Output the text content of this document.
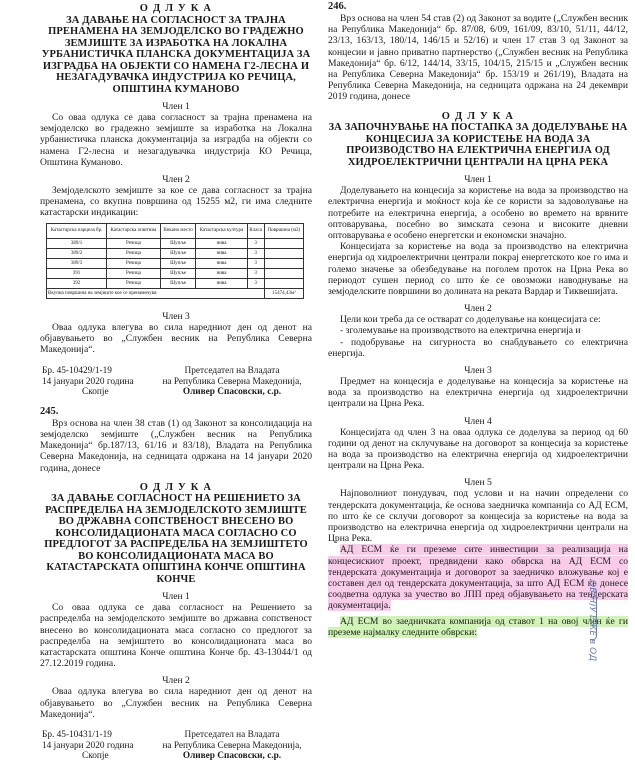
О Д Л У К А

ЗА ДАВАЊЕ НА СОГЛАСНОСТ ЗА ТРАЈНА ПРЕНАМЕНА НА ЗЕМЈОДЕЛСКО ВО ГРАДЕЖНО ЗЕМЈИШТЕ ЗА ИЗРАБОТКА НА ЛОКАЛНА УРБАНИСТИЧКА ПЛАНСКА ДОКУМЕНТАЦИЈА ЗА ИЗГРАДБА НА ОБЈЕКТИ СО НАМЕНА Г2-ЛЕСНА И НЕЗАГАДУВАЧКА ИНДУСТРИЈА КО РЕЧИЦА, ОПШТИНА КУМАНОВО

Член 1

Со оваа одлука се дава согласност за трајна пренамена на земјоделско во градежно земјиште за изработка на Локална урбанистичка планска документација за изградба на објекти со намена Г2-лесна и незагадувачка индустрија КО Речица, Општина Куманово.

Член 2

Земјоделското земјиште за кое се дава согласност за трајна пренамена, со вкупна површина од 15255 м2, ги има следните катастарски индикации:

Катастарска парцела бр.	Катастарска општина	Викано место	Катастарска култура	Класа	Површина (м2)
389/1	Речица	Шупље	нива	3	
389/2	Речица	Шупље	нива	3	
389/3	Речица	Шупље	нива	3	
391	Речица	Шупље	нива	3	
392	Речица	Шупље	нива	3	
Вкупна површина на земјиште кое се пренаменува:					15474,43м²

Член 3

Оваа одлука влегува во сила наредниот ден од денот на објавувањето во „Службен весник на Република Северна Македонија“.

Бр. 45-10429/1-19
14 јануари 2020 година
Скопје	Претседател на Владата
на Република Северна Македонија,
Оливер Спасовски, с.р.

245.

Врз основа на член 38 став (1) од Законот за консолидација на земјоделско земјиште („Службен весник на Република Македонија“ бр.187/13, 61/16 и 83/18), Владата на Република Северна Македонија, на седницата одржана на 14 јануари 2020 година, донесе

О Д Л У К А

ЗА ДАВАЊЕ СОГЛАСНОСТ НА РЕШЕНИЕТО ЗА РАСПРЕДЕЛБА НА ЗЕМЈОДЕЛСКОТО ЗЕМЈИШТЕ ВО ДРЖАВНА СОПСТВЕНОСТ ВНЕСЕНО ВО КОНСОЛИДАЦИОНАТА МАСА СОГЛАСНО СО ПРЕДЛОГОТ ЗА РАСПРЕДЕЛБА НА ЗЕМЈИШТЕТО ВО КОНСОЛИДАЦИОНАТА МАСА ВО КАТАСТАРСКАТА ОПШТИНА КОНЧЕ ОПШТИНА КОНЧЕ

Член 1

Со оваа одлука се дава согласност на Решението за распределба на земјоделското земјиште во државна сопственост внесено во консолидационата маса согласно со предлогот за распределба на земјиштето во консолидационата маса во катастарската општина Конче општина Конче бр. 43-13044/1 од 27.12.2019 година.

Член 2

Оваа одлука влегува во сила наредниот ден од денот на објавувањето во „Службен весник на Република Северна Македонија“.

Бр. 45-10431/1-19
14 јануари 2020 година
Скопје	Претседател на Владата
на Република Северна Македонија,
Оливер Спасовски, с.р.

246.

Врз основа на член 54 став (2) од Законот за водите („Службен весник на Република Македонија“ бр. 87/08, 6/09, 161/09, 83/10, 51/11, 44/12, 23/13, 163/13, 180/14, 146/15 и 52/16) и член 17 став 3 од Законот за концесии и јавно приватно партнерство („Службен весник на Република Македонија“ бр. 6/12, 144/14, 33/15, 104/15, 215/15 и „Службен весник на Република Северна Македонија“ бр. 153/19 и 261/19), Владата на Република Северна Македонија, на седницата одржана на 24 декември 2019 година, донесе

О Д Л У К А

ЗА ЗАПОЧНУВАЊЕ НА ПОСТАПКА ЗА ДОДЕЛУВАЊЕ НА КОНЦЕСИЈА ЗА КОРИСТЕЊЕ НА ВОДА ЗА ПРОИЗВОДСТВО НА ЕЛЕКТРИЧНА ЕНЕРГИЈА ОД ХИДРОЕЛЕКТРИЧНИ ЦЕНТРАЛИ НА ЦРНА РЕКА

Член 1

Доделувањето на концесија за користење на вода за производство на електрична енергија и моќност која ќе се користи за задоволување на потребите на електрична енергија, а особено во времето на врвните оптоварувања, посебно во зимската сезона и високите дневни оптоварувања е особено енергетски и економски значајно.

Концесијата за користење на вода за производство на електрична енергија од хидроелектрични централи покрај енергетското кое го има и големо значење за обезбедување на поголем проток на Црна Река во периодот сушен период со што ќе се овозможи наводнување на земјоделските површини во долината на реката Вардар и Тиквешијата.

Член 2

Цели кои треба да се остварат со доделување на концесијата се:

- зголемување на производството на електрична енергија и

- подобрување на сигурноста во снабдувањето со електрична енергија.

Член 3

Предмет на концесија е доделување на концесија за користење на вода за производство на електрична енергија од хидроелектрични централи на Црна Река.

Член 4

Концесијата од член 3 на оваа одлука се доделува за период од 60 години од денот на склучување на договорот за концесија за користење на вода за производство на електрична енергија од хидроелектрични централи на Црна Река.

Член 5

Најповолниот понудувач, под услови и на начин определени со тендерската документација, ќе основа заедничка компанија со АД ЕСМ, по што ќе се склучи договорот за концесија за користење на вода за производство на електрична енергија од хидроелектрични централи на Црна Река.

АД ЕСМ ќе ги преземе сите инвестиции за реализација на концесискиот проект, предвидени како обврска на АД ЕСМ со тендерската документација и договорот за заедничко вложување кој е составен дел од тендерската документација, за што АД ЕСМ ќе донесе соодветна одлука за учество во ЈПП пред објавувањето на тендерската документација.

АД ЕСМ во заедничката компанија од ставот 1 на овој член ќе ги преземе најмалку следните обврски:	ОЗ(Н)У ЕЖЕ в ОД
